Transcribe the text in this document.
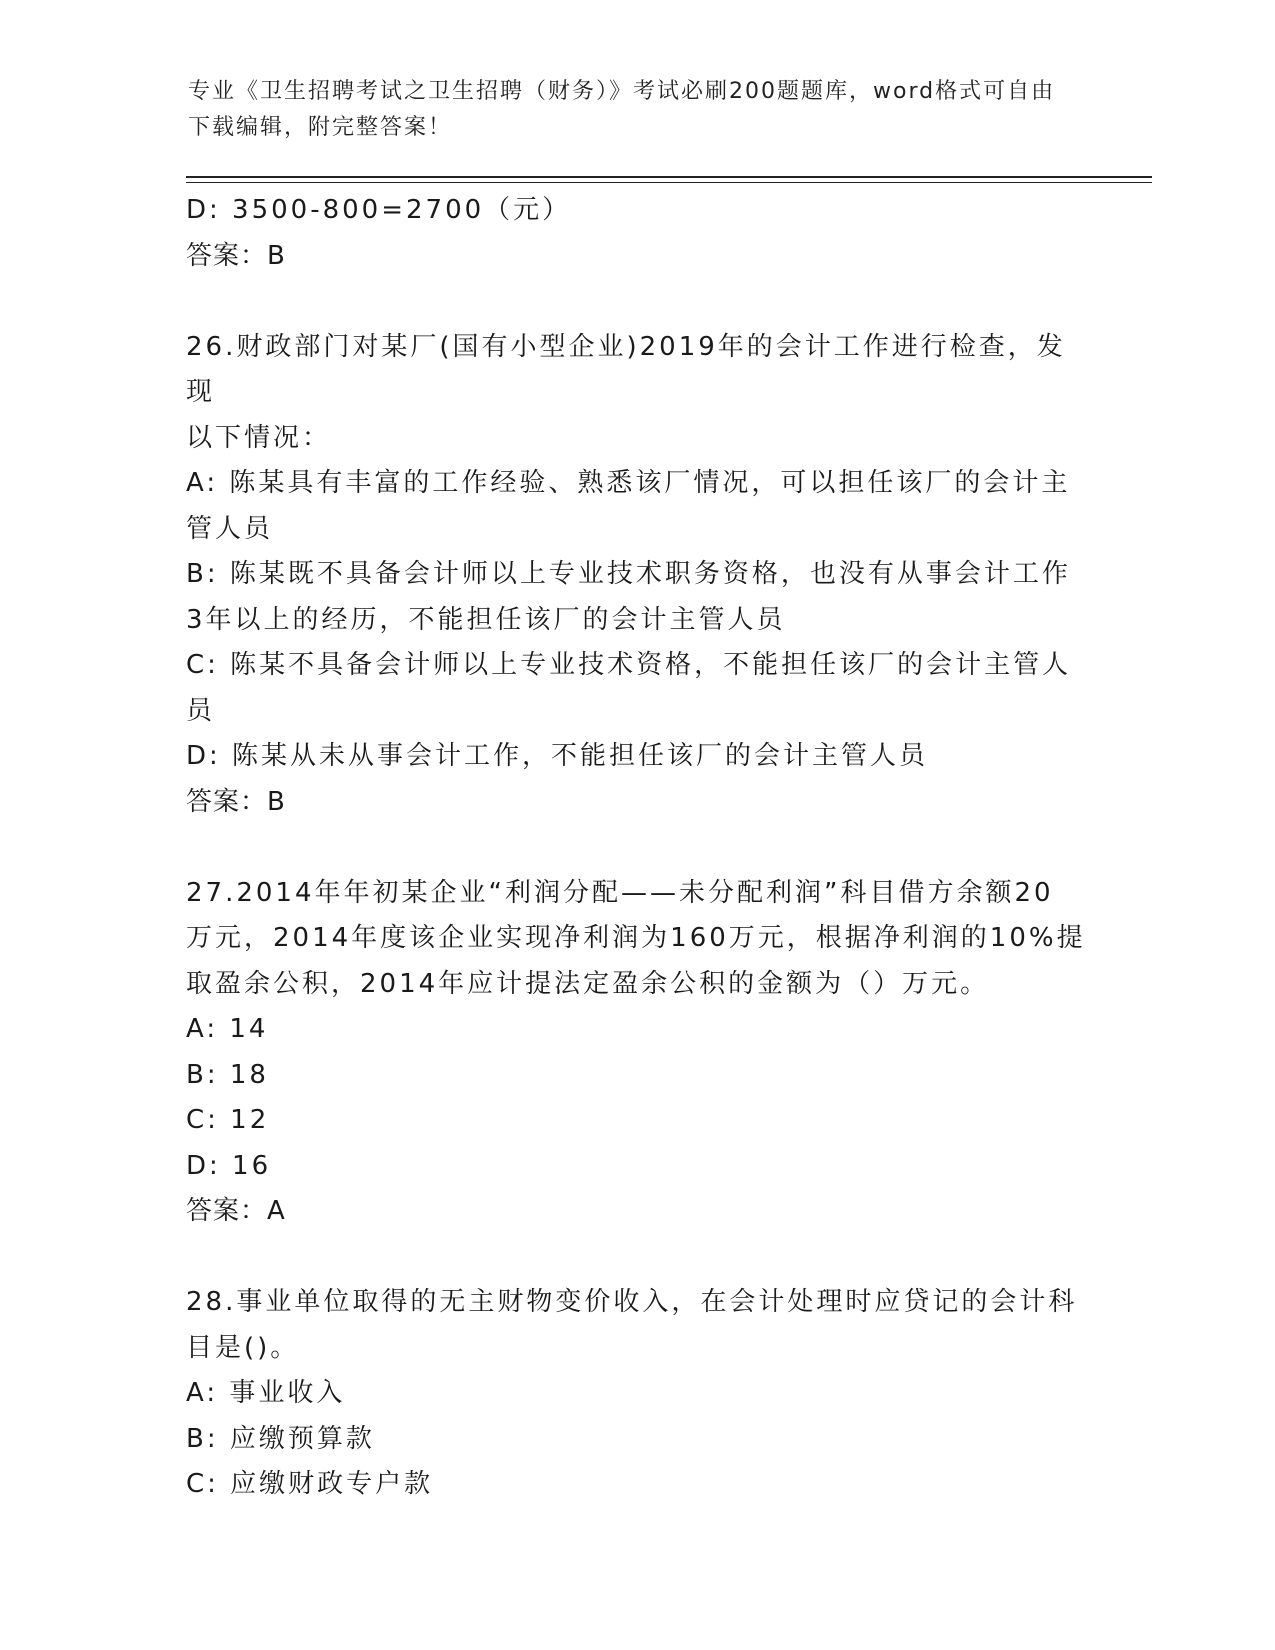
专业《卫生招聘考试之卫生招聘（财务）》考试必刷200题题库，word格式可自由下载编辑，附完整答案！
D: 3500-800=2700（元）
答案：B
26.财政部门对某厂(国有小型企业)2019年的会计工作进行检查，发现
以下情况：
A: 陈某具有丰富的工作经验、熟悉该厂情况，可以担任该厂的会计主
管人员
B: 陈某既不具备会计师以上专业技术职务资格，也没有从事会计工作
3年以上的经历，不能担任该厂的会计主管人员
C: 陈某不具备会计师以上专业技术资格，不能担任该厂的会计主管人
员
D: 陈某从未从事会计工作，不能担任该厂的会计主管人员
答案：B
27.2014年年初某企业“利润分配——未分配利润”科目借方余额20
万元，2014年度该企业实现净利润为160万元，根据净利润的10%提
取盈余公积，2014年应计提法定盈余公积的金额为（）万元。
A: 14
B: 18
C: 12
D: 16
答案：A
28.事业单位取得的无主财物变价收入，在会计处理时应贷记的会计科
目是()。
A: 事业收入
B: 应缴预算款
C: 应缴财政专户款
